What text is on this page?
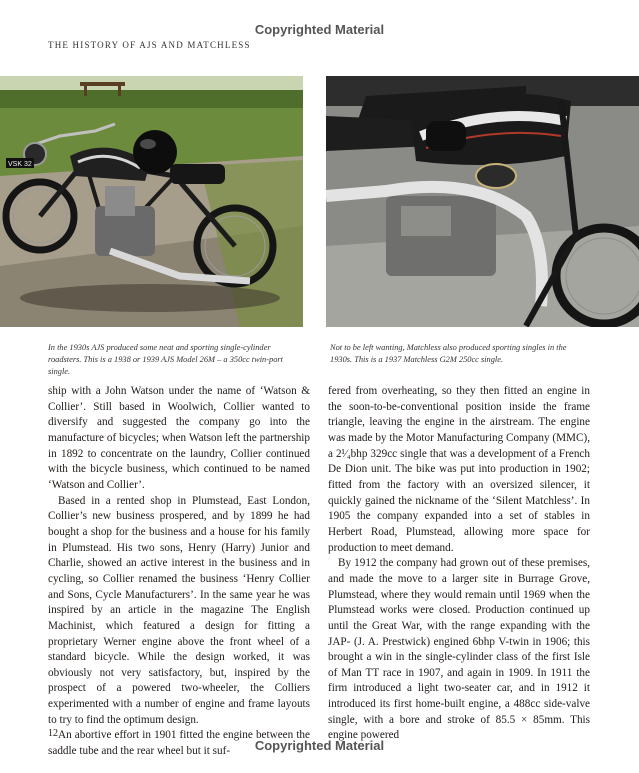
Copyrighted Material
THE HISTORY OF AJS AND MATCHLESS
VSK 32
In the 1930s AJS produced some neat and sporting single-cylinder roadsters. This is a 1938 or 1939 AJS Model 26M – a 350cc twin-port single.
Not to be left wanting, Matchless also produced sporting singles in the 1930s. This is a 1937 Matchless G2M 250cc single.

ship with a John Watson under the name of ‘Watson & Collier’. Still based in Woolwich, Collier wanted to diversify and suggested the company go into the manufacture of bicycles; when Watson left the partnership in 1892 to concentrate on the laundry, Collier continued with the bicycle business, which continued to be named ‘Watson and Collier’.

Based in a rented shop in Plumstead, East London, Collier’s new business prospered, and by 1899 he had bought a shop for the business and a house for his family in Plumstead. His two sons, Henry (Harry) Junior and Charlie, showed an active interest in the business and in cycling, so Collier renamed the business ‘Henry Collier and Sons, Cycle Manufacturers’. In the same year he was inspired by an article in the magazine The English Machinist, which featured a design for fitting a proprietary Werner engine above the front wheel of a standard bicycle. While the design worked, it was obviously not very satisfactory, but, inspired by the prospect of a powered two-wheeler, the Colliers experimented with a number of engine and frame layouts to try to find the optimum design.

An abortive effort in 1901 fitted the engine between the saddle tube and the rear wheel but it suf-

fered from overheating, so they then fitted an engine in the soon-to-be-conventional position inside the frame triangle, leaving the engine in the airstream. The engine was made by the Motor Manufacturing Company (MMC), a 2¹⁄₄bhp 329cc single that was a development of a French De Dion unit. The bike was put into production in 1902; fitted from the factory with an oversized silencer, it quickly gained the nickname of the ‘Silent Matchless’. In 1905 the company expanded into a set of stables in Herbert Road, Plumstead, allowing more space for production to meet demand.

By 1912 the company had grown out of these premises, and made the move to a larger site in Burrage Grove, Plumstead, where they would remain until 1969 when the Plumstead works were closed. Production continued up until the Great War, with the range expanding with the JAP- (J. A. Prestwick) engined 6bhp V-twin in 1906; this brought a win in the single-cylinder class of the first Isle of Man TT race in 1907, and again in 1909. In 1911 the firm introduced a light two-seater car, and in 1912 it introduced its first home-built engine, a 488cc side-valve single, with a bore and stroke of 85.5 × 85mm. This engine powered

12
Copyrighted Material
